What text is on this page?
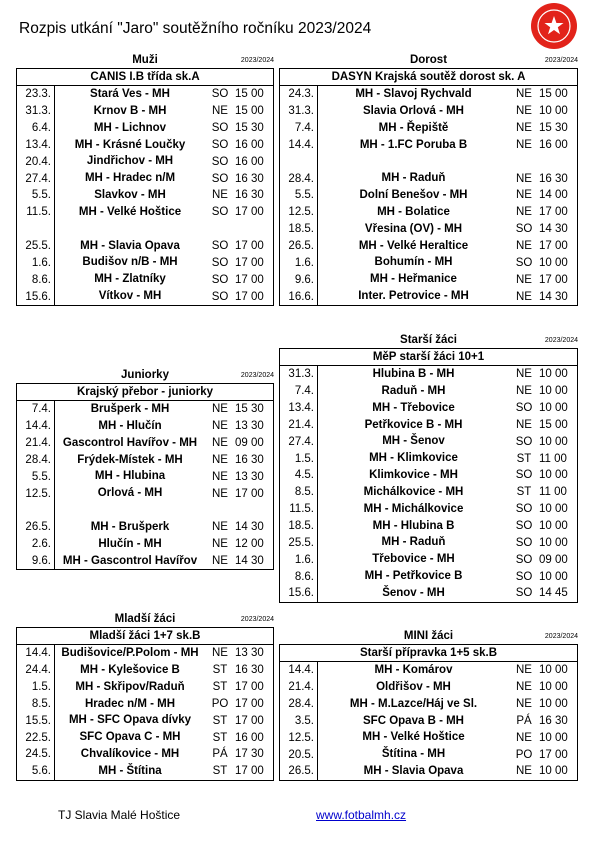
Rozpis utkání "Jaro" soutěžního ročníku 2023/2024
Muži	2023/2024
CANIS I.B třída sk.A
23.3.	Stará Ves - MH	SO 15 00
31.3.	Krnov B - MH	NE 15 00
6.4.	MH - Lichnov	SO 15 30
13.4.	MH - Krásné Loučky	SO 16 00
20.4.	Jindřichov - MH	SO 16 00
27.4.	MH - Hradec n/M	SO 16 30
5.5.	Slavkov - MH	NE 16 30
11.5.	MH - Velké Hoštice	SO 17 00
25.5.	MH - Slavia Opava	SO 17 00
1.6.	Budišov n/B - MH	SO 17 00
8.6.	MH - Zlatníky	SO 17 00
15.6.	Vítkov - MH	SO 17 00
Dorost	2023/2024
DASYN Krajská soutěž dorost sk. A
24.3.	MH - Slavoj Rychvald	NE 15 00
31.3.	Slavia Orlová - MH	NE 10 00
7.4.	MH - Řepiště	NE 15 30
14.4.	MH - 1.FC Poruba B	NE 16 00
28.4.	MH - Raduň	NE 16 30
5.5.	Dolní Benešov - MH	NE 14 00
12.5.	MH - Bolatice	NE 17 00
18.5.	Vřesina (OV) - MH	SO 14 30
26.5.	MH - Velké Heraltice	NE 17 00
1.6.	Bohumín - MH	SO 10 00
9.6.	MH - Heřmanice	NE 17 00
16.6.	Inter. Petrovice - MH	NE 14 30
Juniorky	2023/2024
Krajský přebor - juniorky
7.4.	Brušperk - MH	NE 15 30
14.4.	MH - Hlučín	NE 13 30
21.4.	Gascontrol Havířov - MH	NE 09 00
28.4.	Frýdek-Místek - MH	NE 16 30
5.5.	MH - Hlubina	NE 13 30
12.5.	Orlová - MH	NE 17 00
26.5.	MH - Brušperk	NE 14 30
2.6.	Hlučín - MH	NE 12 00
9.6.	MH - Gascontrol Havířov	NE 14 30
Starší žáci	2023/2024
MěP starší žáci 10+1
31.3.	Hlubina B - MH	NE 10 00
7.4.	Raduň - MH	NE 10 00
13.4.	MH - Třebovice	SO 10 00
21.4.	Petřkovice B - MH	NE 15 00
27.4.	MH - Šenov	SO 10 00
1.5.	MH - Klimkovice	ST 11 00
4.5.	Klimkovice - MH	SO 10 00
8.5.	Michálkovice - MH	ST 11 00
11.5.	MH - Michálkovice	SO 10 00
18.5.	MH - Hlubina B	SO 10 00
25.5.	MH - Raduň	SO 10 00
1.6.	Třebovice - MH	SO 09 00
8.6.	MH - Petřkovice B	SO 10 00
15.6.	Šenov - MH	SO 14 45
Mladší žáci	2023/2024
Mladší žáci 1+7 sk.B
14.4. Budišovice/P.Polom - MH	NE 13 30
24.4.	MH - Kylešovice B	ST 16 30
1.5.	MH - Skřipov/Raduň	ST 17 00
8.5.	Hradec n/M - MH	PO 17 00
15.5.	MH - SFC Opava dívky	ST 17 00
22.5.	SFC Opava C - MH	ST 16 00
24.5.	Chvalíkovice - MH	PÁ 17 30
5.6.	MH - Štítina	ST 17 00
MINI žáci	2023/2024
Starší přípravka 1+5 sk.B
14.4.	MH - Komárov	NE 10 00
21.4.	Oldřišov - MH	NE 10 00
28.4.	MH - M.Lazce/Háj ve Sl.	NE 10 00
3.5.	SFC Opava B - MH	PÁ 16 30
12.5.	MH - Velké Hoštice	NE 10 00
20.5.	Štítina - MH	PO 17 00
26.5.	MH - Slavia Opava	NE 10 00
TJ Slavia Malé Hoštice	www.fotbalmh.cz
